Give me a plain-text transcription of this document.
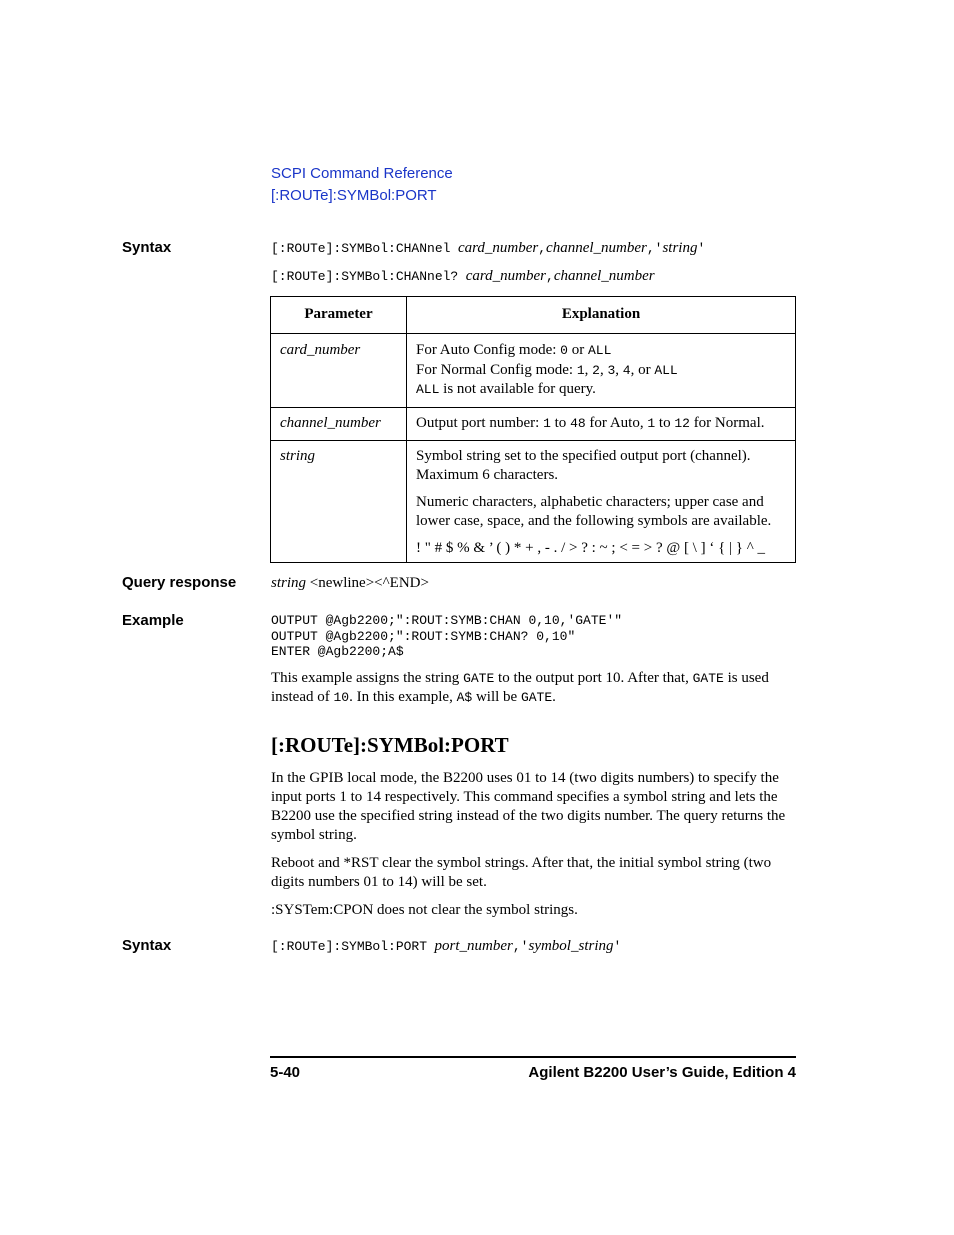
SCPI Command Reference
[:ROUTe]:SYMBol:PORT
Syntax	[:ROUTe]:SYMBol:CHANnel card_number,channel_number,'string'
[:ROUTe]:SYMBol:CHANnel? card_number,channel_number
Parameter	Explanation
card_number	For Auto Config mode: 0 or ALL
For Normal Config mode: 1, 2, 3, 4, or ALL
ALL is not available for query.

channel_number	Output port number: 1 to 48 for Auto, 1 to 12 for Normal.
string	Symbol string set to the specified output port (channel). Maximum 6 characters.

Numeric characters, alphabetic characters; upper case and lower case, space, and the following symbols are available.

! " # $ % & ’ ( ) * + , - . / > ? : ~ ; < = > ? @ [ \ ] ‘ { | } ^ _

Query response string <newline><^END>
Example	OUTPUT @Agb2200;":ROUT:SYMB:CHAN 0,10,'GATE'"
OUTPUT @Agb2200;":ROUT:SYMB:CHAN? 0,10"
ENTER @Agb2200;A$
This example assigns the string GATE to the output port 10. After that, GATE is used instead of 10. In this example, A$ will be GATE.
[:ROUTe]:SYMBol:PORT

In the GPIB local mode, the B2200 uses 01 to 14 (two digits numbers) to specify the input ports 1 to 14 respectively. This command specifies a symbol string and lets the B2200 use the specified string instead of the two digits number. The query returns the symbol string.

Reboot and *RST clear the symbol strings. After that, the initial symbol string (two digits numbers 01 to 14) will be set.

:SYSTem:CPON does not clear the symbol strings.

Syntax	[:ROUTe]:SYMBol:PORT port_number,'symbol_string'
5-40	Agilent B2200 User’s Guide, Edition 4
